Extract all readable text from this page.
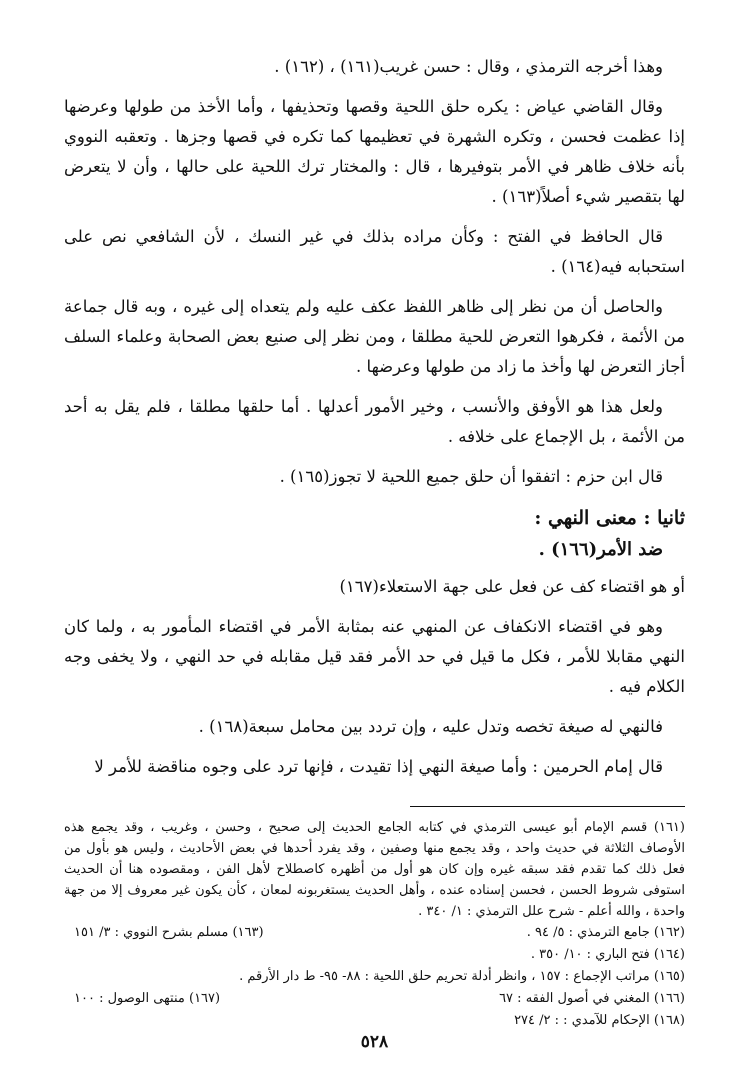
وهذا أخرجه الترمذي ، وقال : حسن غريب(١٦١) ، (١٦٢) .

وقال القاضي عياض : يكره حلق اللحية وقصها وتحذيفها ، وأما الأخذ من طولها وعرضها إذا عظمت فحسن ، وتكره الشهرة في تعظيمها كما تكره في قصها وجزها . وتعقبه النووي بأنه خلاف ظاهر في الأمر بتوفيرها ، قال : والمختار ترك اللحية على حالها ، وأن لا يتعرض لها بتقصير شيء أصلاً(١٦٣) .

قال الحافظ في الفتح : وكأن مراده بذلك في غير النسك ، لأن الشافعي نص على استحبابه فيه(١٦٤) .

والحاصل أن من نظر إلى ظاهر اللفظ عكف عليه ولم يتعداه إلى غيره ، وبه قال جماعة من الأئمة ، فكرهوا التعرض للحية مطلقا ، ومن نظر إلى صنيع بعض الصحابة وعلماء السلف أجاز التعرض لها وأخذ ما زاد من طولها وعرضها .

ولعل هذا هو الأوفق والأنسب ، وخير الأمور أعدلها . أما حلقها مطلقا ، فلم يقل به أحد من الأئمة ، بل الإجماع على خلافه .

قال ابن حزم : اتفقوا أن حلق جميع اللحية لا تجوز(١٦٥) .

ثانيا : معنى النهي :

ضد الأمر(١٦٦) .

أو هو اقتضاء كف عن فعل على جهة الاستعلاء(١٦٧)

وهو في اقتضاء الانكفاف عن المنهي عنه بمثابة الأمر في اقتضاء المأمور به ، ولما كان النهي مقابلا للأمر ، فكل ما قيل في حد الأمر فقد قيل مقابله في حد النهي ، ولا يخفى وجه الكلام فيه .

فالنهي له صيغة تخصه وتدل عليه ، وإن تردد بين محامل سبعة(١٦٨) .

قال إمام الحرمين : وأما صيغة النهي إذا تقيدت ، فإنها ترد على وجوه مناقضة للأمر لا

(١٦١) قسم الإمام أبو عيسى الترمذي في كتابه الجامع الحديث إلى صحيح ، وحسن ، وغريب ، وقد يجمع هذه الأوصاف الثلاثة في حديث واحد ، وقد يجمع منها وصفين ، وقد يفرد أحدها في بعض الأحاديث ، وليس هو بأول من فعل ذلك كما تقدم فقد سبقه غيره وإن كان هو أول من أظهره كاصطلاح لأهل الفن ، ومقصوده هنا أن الحديث استوفى شروط الحسن ، فحسن إسناده عنده ، وأهل الحديث يستغربونه لمعان ، كأن يكون غير معروف إلا من جهة واحدة ، والله أعلم - شرح علل الترمذي : ١/ ٣٤٠ .

(١٦٢) جامع الترمذي : ٥/ ٩٤ .
(١٦٣) مسلم بشرح النووي : ٣/ ١٥١
(١٦٤) فتح الباري : ١٠/ ٣٥٠ .
(١٦٥) مراتب الإجماع : ١٥٧ ، وانظر أدلة تحريم حلق اللحية : ٨٨- ٩٥- ط دار الأرقم .
(١٦٦) المغني في أصول الفقه : ٦٧
(١٦٧) منتهى الوصول : ١٠٠
(١٦٨) الإحكام للآمدي : : ٢/ ٢٧٤
٥٢٨
